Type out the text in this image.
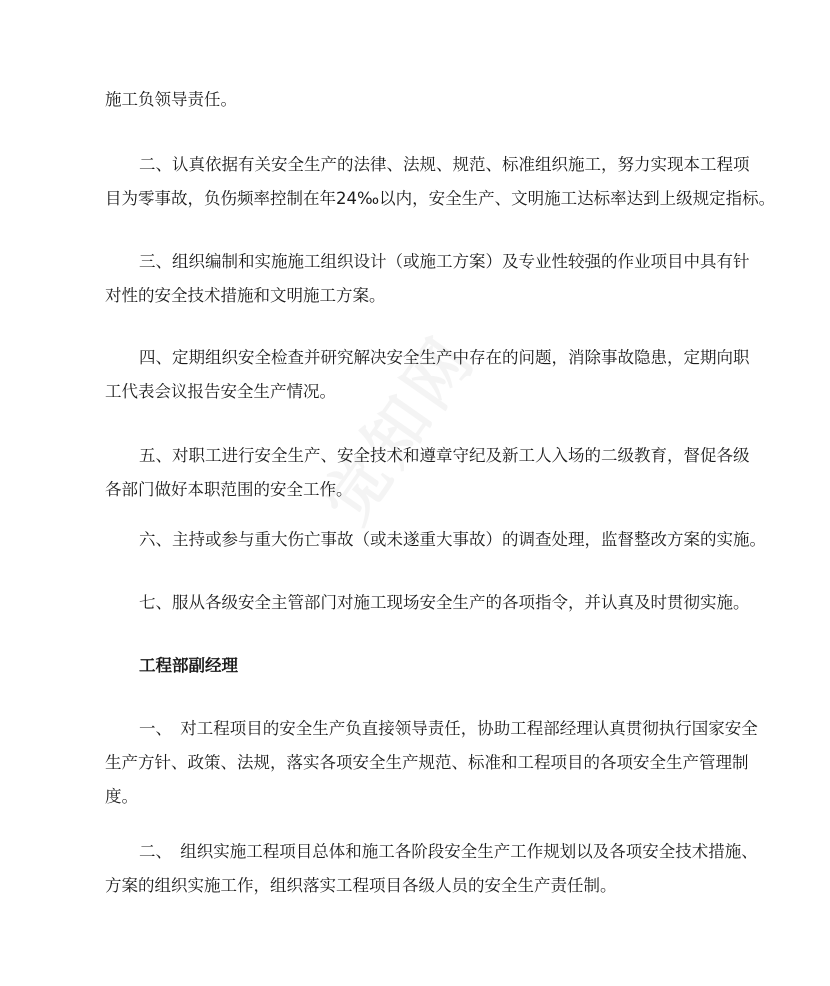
施工负领导责任。
二、认真依据有关安全生产的法律、法规、规范、标准组织施工，努力实现本工程项
目为零事故，负伤频率控制在年24‰以内，安全生产、文明施工达标率达到上级规定指标。
三、组织编制和实施施工组织设计（或施工方案）及专业性较强的作业项目中具有针
对性的安全技术措施和文明施工方案。
四、定期组织安全检查并研究解决安全生产中存在的问题，消除事故隐患，定期向职
工代表会议报告安全生产情况。
五、对职工进行安全生产、安全技术和遵章守纪及新工人入场的二级教育，督促各级
各部门做好本职范围的安全工作。
六、主持或参与重大伤亡事故（或未遂重大事故）的调查处理，监督整改方案的实施。
七、服从各级安全主管部门对施工现场安全生产的各项指令，并认真及时贯彻实施。
工程部副经理
一、　对工程项目的安全生产负直接领导责任，协助工程部经理认真贯彻执行国家安全
生产方针、政策、法规，落实各项安全生产规范、标准和工程项目的各项安全生产管理制
度。
二、　组织实施工程项目总体和施工各阶段安全生产工作规划以及各项安全技术措施、
方案的组织实施工作，组织落实工程项目各级人员的安全生产责任制。
